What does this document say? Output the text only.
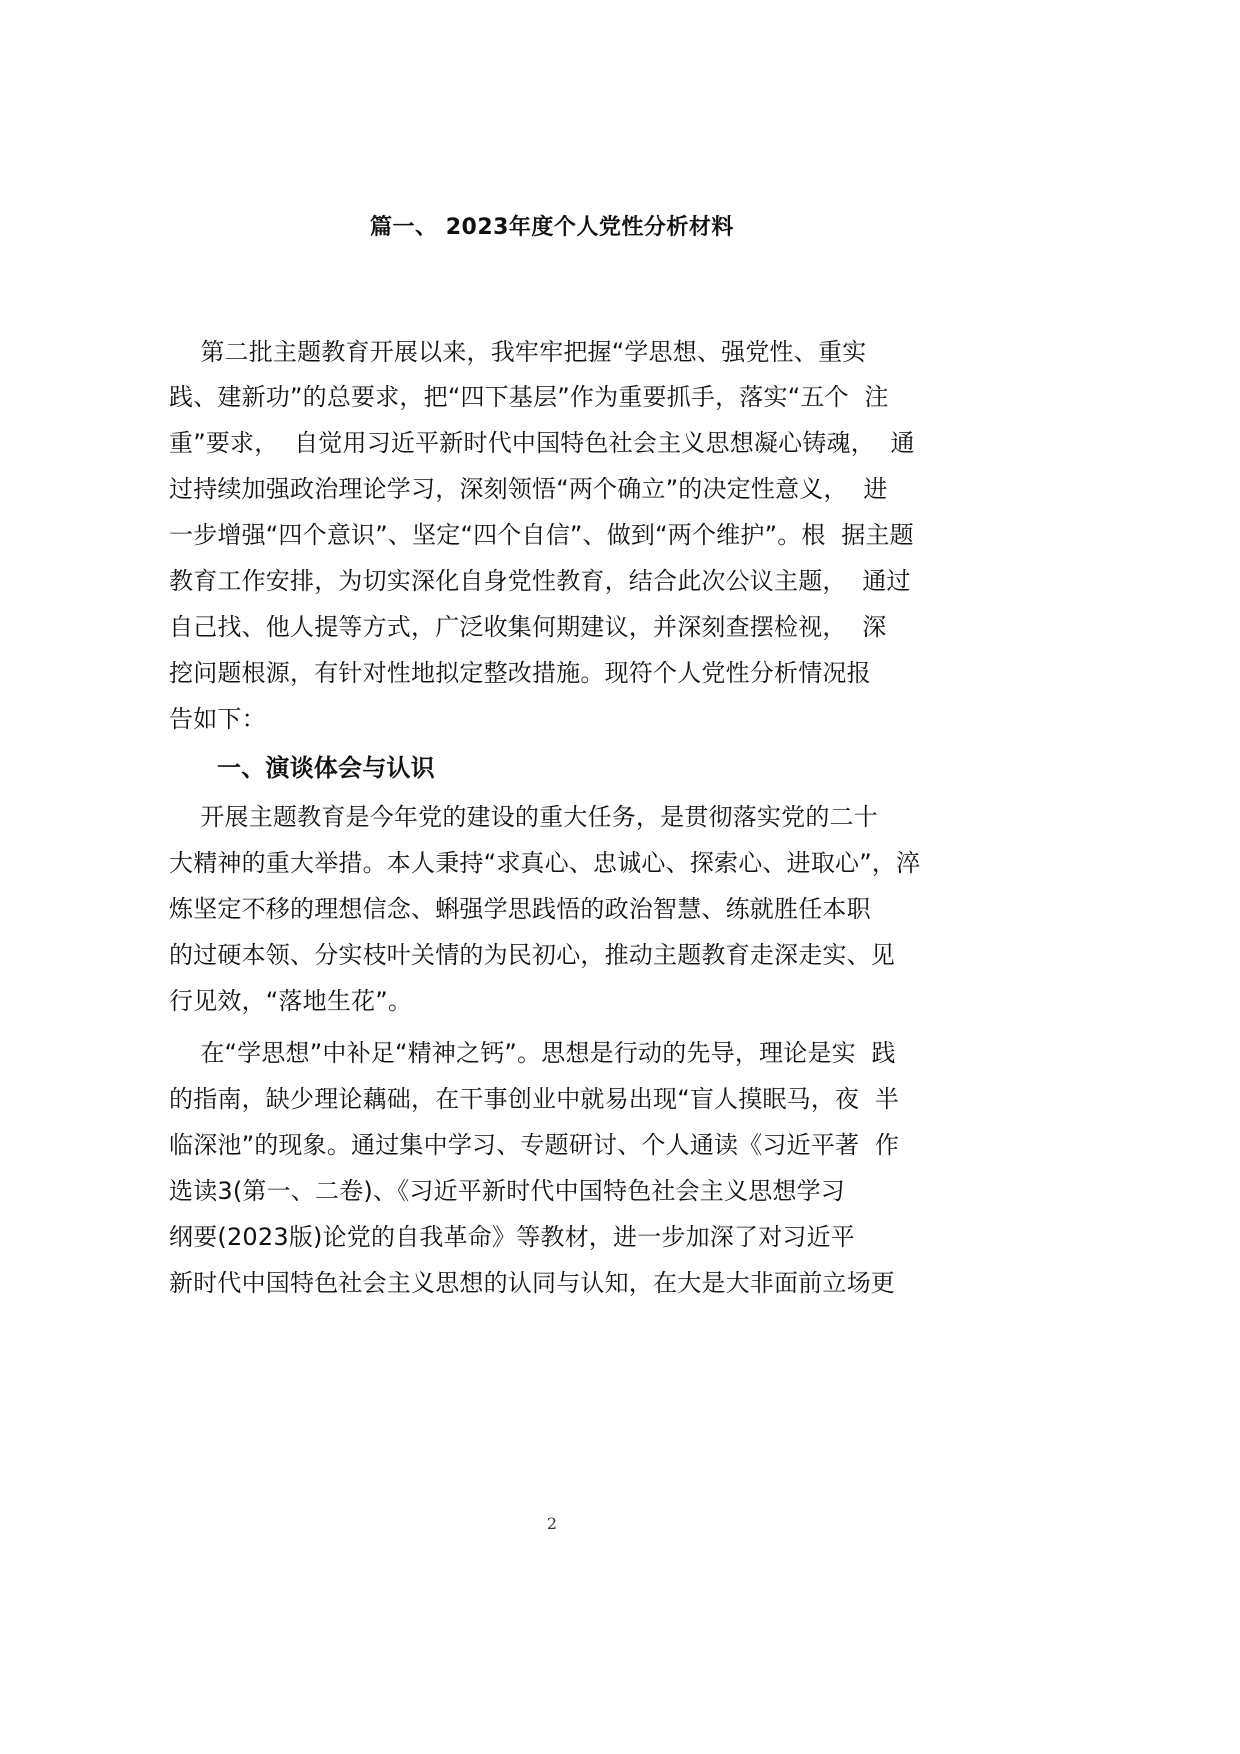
篇一、 2023年度个人党性分析材料
第二批主题教育开展以来，我牢牢把握“学思想、强党性、重实
践、建新功”的总要求，把“四下基层”作为重要抓手，落实“五个  注
重”要求，  自觉用习近平新时代中国特色社会主义思想凝心铸魂，  通
过持续加强政治理论学习，深刻领悟“两个确立”的决定性意义，  进
一步增强“四个意识”、坚定“四个自信”、做到“两个维护”。根  据主题
教育工作安排，为切实深化自身党性教育，结合此次公议主题，  通过
自己找、他人提等方式，广泛收集何期建议，并深刻查摆检视，  深
挖问题根源，有针对性地拟定整改措施。现符个人党性分析情况报
告如下：
一、演谈体会与认识
开展主题教育是今年党的建设的重大任务，是贯彻落实党的二十
大精神的重大举措。本人秉持“求真心、忠诚心、探索心、进取心”，淬
炼坚定不移的理想信念、蝌强学思践悟的政治智慧、练就胜任本职
的过硬本领、分实枝叶关情的为民初心，推动主题教育走深走实、见
行见效，“落地生花”。
在“学思想”中补足“精神之钙”。思想是行动的先导，理论是实  践
的指南，缺少理论藕础，在干事创业中就易出现“盲人摸眠马，夜  半
临深池”的现象。通过集中学习、专题研讨、个人通读《习近平著  作
选读3(第一、二卷)、《习近平新时代中国特色社会主义思想学习
纲要(2023版)论党的自我革命》等教材，进一步加深了对习近平
新时代中国特色社会主义思想的认同与认知，在大是大非面前立场更
2
